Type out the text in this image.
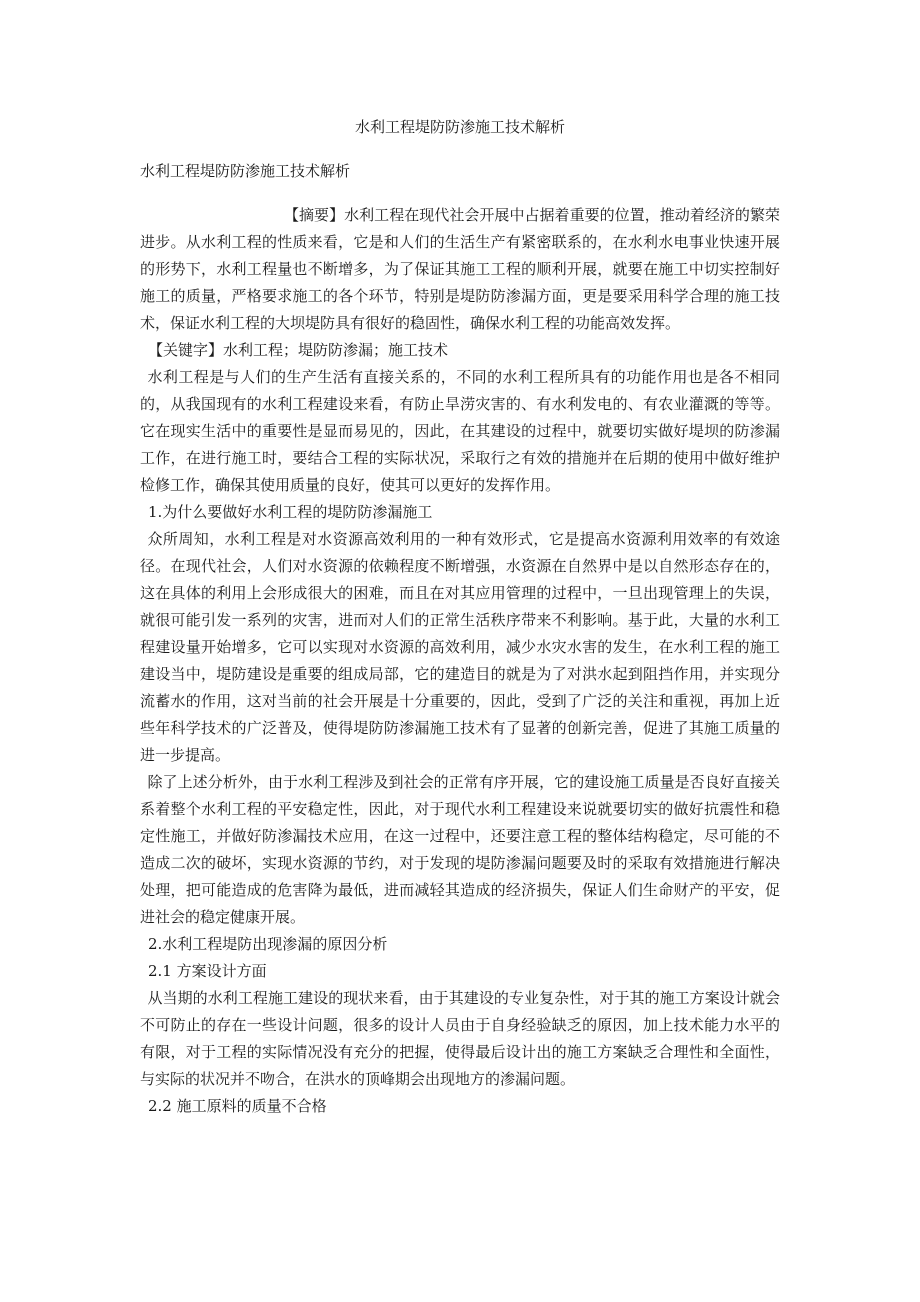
水利工程堤防防渗施工技术解析
水利工程堤防防渗施工技术解析

【摘要】水利工程在现代社会开展中占据着重要的位置，推动着经济的繁荣进步。从水利工程的性质来看，它是和人们的生活生产有紧密联系的，在水利水电事业快速开展的形势下，水利工程量也不断增多，为了保证其施工工程的顺利开展，就要在施工中切实控制好施工的质量，严格要求施工的各个环节，特别是堤防防渗漏方面，更是要采用科学合理的施工技术，保证水利工程的大坝堤防具有很好的稳固性，确保水利工程的功能高效发挥。

【关键字】水利工程；堤防防渗漏；施工技术

水利工程是与人们的生产生活有直接关系的，不同的水利工程所具有的功能作用也是各不相同的，从我国现有的水利工程建设来看，有防止旱涝灾害的、有水利发电的、有农业灌溉的等等。它在现实生活中的重要性是显而易见的，因此，在其建设的过程中，就要切实做好堤坝的防渗漏工作，在进行施工时，要结合工程的实际状况，采取行之有效的措施并在后期的使用中做好维护检修工作，确保其使用质量的良好，使其可以更好的发挥作用。

1.为什么要做好水利工程的堤防防渗漏施工

众所周知，水利工程是对水资源高效利用的一种有效形式，它是提高水资源利用效率的有效途径。在现代社会，人们对水资源的依赖程度不断增强，水资源在自然界中是以自然形态存在的，这在具体的利用上会形成很大的困难，而且在对其应用管理的过程中，一旦出现管理上的失误，就很可能引发一系列的灾害，进而对人们的正常生活秩序带来不利影响。基于此，大量的水利工程建设量开始增多，它可以实现对水资源的高效利用，减少水灾水害的发生，在水利工程的施工建设当中，堤防建设是重要的组成局部，它的建造目的就是为了对洪水起到阻挡作用，并实现分流蓄水的作用，这对当前的社会开展是十分重要的，因此，受到了广泛的关注和重视，再加上近些年科学技术的广泛普及，使得堤防防渗漏施工技术有了显著的创新完善，促进了其施工质量的进一步提高。

除了上述分析外，由于水利工程涉及到社会的正常有序开展，它的建设施工质量是否良好直接关系着整个水利工程的平安稳定性，因此，对于现代水利工程建设来说就要切实的做好抗震性和稳定性施工，并做好防渗漏技术应用，在这一过程中，还要注意工程的整体结构稳定，尽可能的不造成二次的破坏，实现水资源的节约，对于发现的堤防渗漏问题要及时的采取有效措施进行解决处理，把可能造成的危害降为最低，进而减轻其造成的经济损失，保证人们生命财产的平安，促进社会的稳定健康开展。

2.水利工程堤防出现渗漏的原因分析

2.1 方案设计方面

从当期的水利工程施工建设的现状来看，由于其建设的专业复杂性，对于其的施工方案设计就会不可防止的存在一些设计问题，很多的设计人员由于自身经验缺乏的原因，加上技术能力水平的有限，对于工程的实际情况没有充分的把握，使得最后设计出的施工方案缺乏合理性和全面性，与实际的状况并不吻合，在洪水的顶峰期会出现地方的渗漏问题。

2.2 施工原料的质量不合格
